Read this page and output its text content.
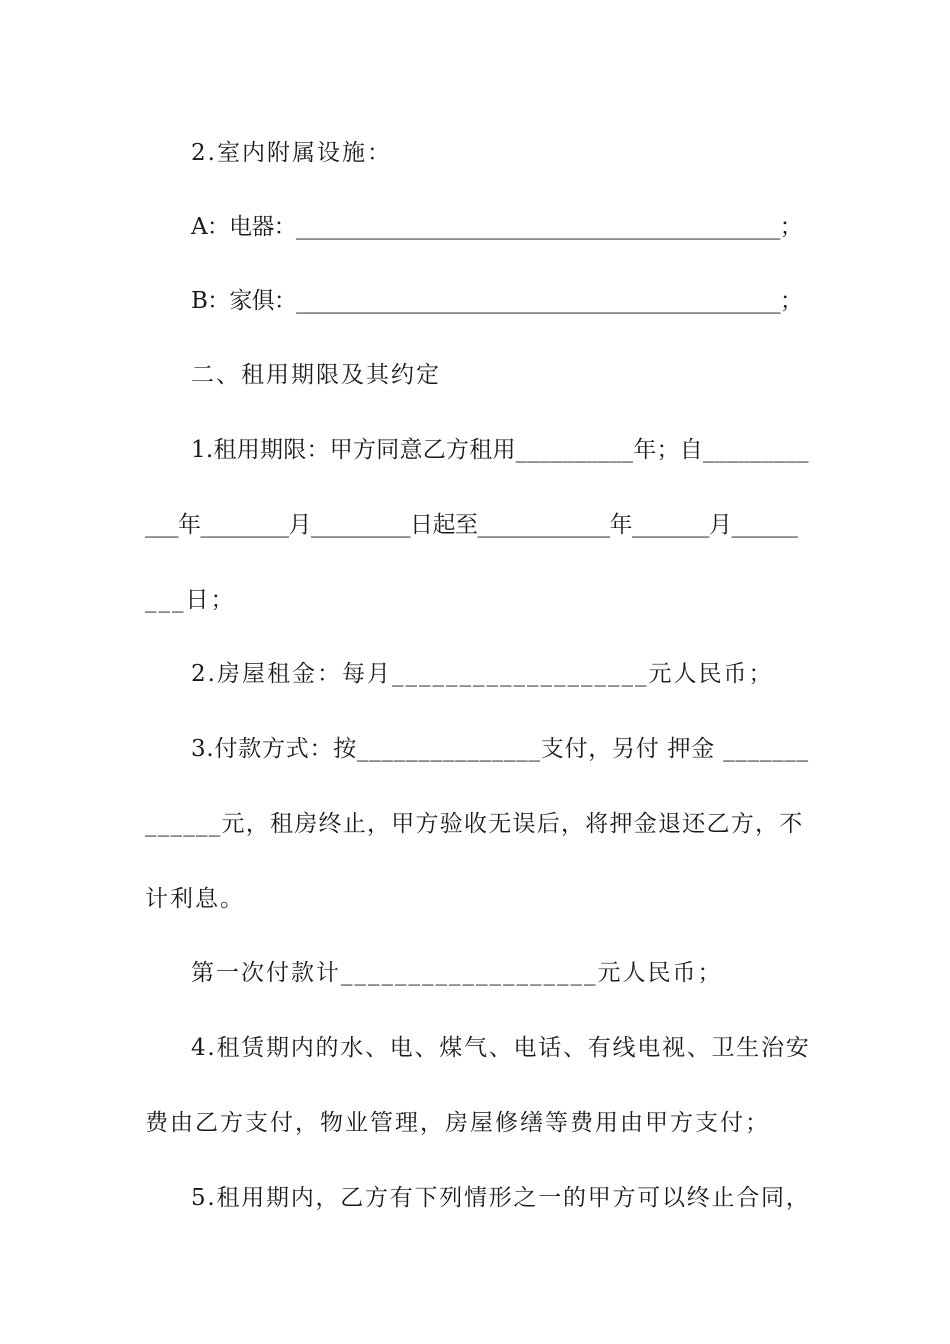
2.室内附属设施：
A：电器：_____________________________________________；
B：家俱：_____________________________________________；
二、租用期限及其约定
1.租用期限：甲方同意乙方租用__________年；自_________
___年________月_________日起至____________年_______月______
___日；
2.房屋租金：每月___________________元人民币；
3.付款方式：按_______________支付，另付 押金 _______
______元，租房终止，甲方验收无误后，将押金退还乙方，不
计利息。
第一次付款计___________________元人民币；
4.租赁期内的水、电、煤气、电话、有线电视、卫生治安
费由乙方支付，物业管理，房屋修缮等费用由甲方支付；
5.租用期内，乙方有下列情形之一的甲方可以终止合同，
